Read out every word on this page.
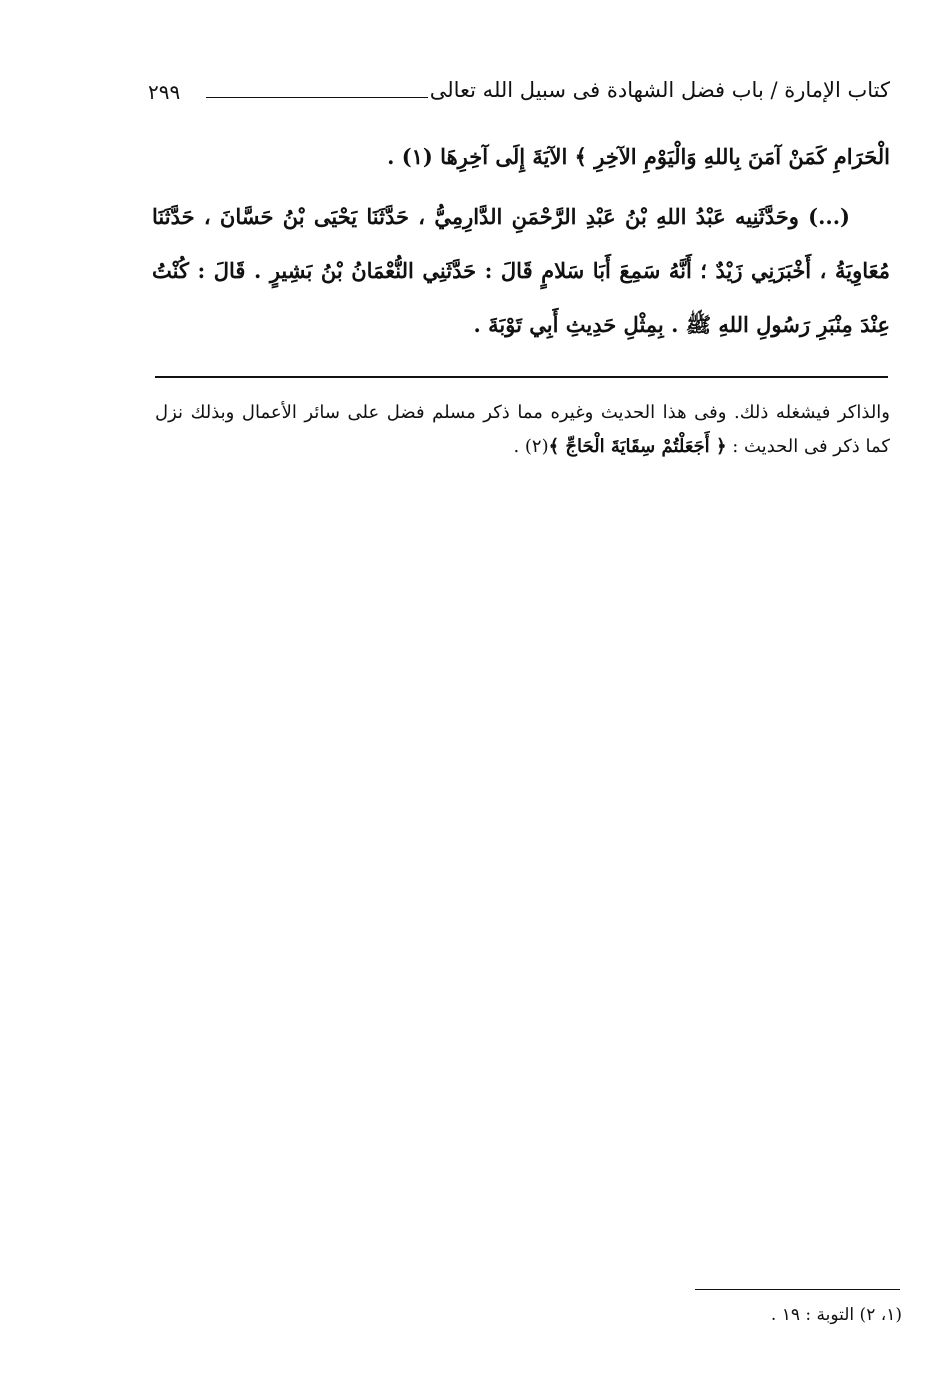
كتاب الإمارة / باب فضل الشهادة فى سبيل الله تعالى
٢٩٩

الْحَرَامِ كَمَنْ آمَنَ بِاللهِ وَالْيَوْمِ الآخِرِ ﴾ الآيَةَ إِلَى آخِرِهَا (١) .

(...) وحَدَّثَنِيه عَبْدُ اللهِ بْنُ عَبْدِ الرَّحْمَنِ الدَّارِمِيُّ ، حَدَّثَنَا يَحْيَى بْنُ حَسَّانَ ، حَدَّثَنَا مُعَاوِيَةُ ، أَخْبَرَنِي زَيْدٌ ؛ أَنَّهُ سَمِعَ أَبَا سَلامٍ قَالَ : حَدَّثَنِي النُّعْمَانُ بْنُ بَشِيرٍ . قَالَ : كُنْتُ عِنْدَ مِنْبَرِ رَسُولِ اللهِ ﷺ . بِمِثْلِ حَدِيثِ أَبِي تَوْبَةَ .

والذاكر فيشغله ذلك. وفى هذا الحديث وغيره مما ذكر مسلم فضل على سائر الأعمال وبذلك نزل كما ذكر فى الحديث : ﴿ أَجَعَلْتُمْ سِقَايَةَ الْحَاجِّ ﴾(٢) .
(١، ٢) التوبة : ١٩ .
